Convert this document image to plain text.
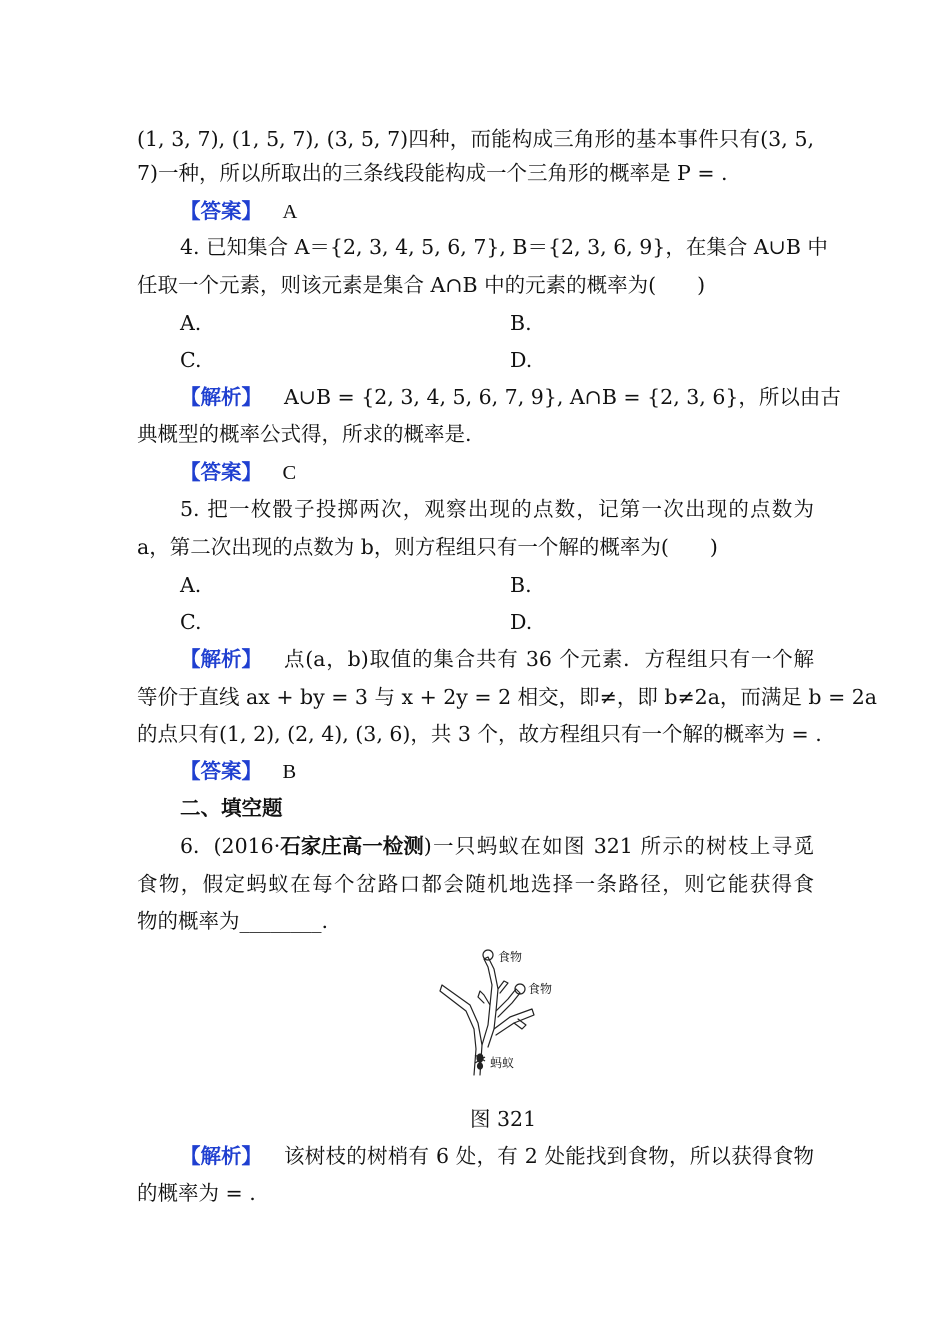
(1, 3, 7), (1, 5, 7), (3, 5, 7)四种，而能构成三角形的基本事件只有(3, 5,
7)一种，所以所取出的三条线段能构成一个三角形的概率是 P = .
【答案】 A
4. 已知集合 A＝{2, 3, 4, 5, 6, 7}, B＝{2, 3, 6, 9}，在集合 A∪B 中
任取一个元素，则该元素是集合 A∩B 中的元素的概率为(　　)
A.	B.
C.	D.
【解析】 A∪B = {2, 3, 4, 5, 6, 7, 9}, A∩B = {2, 3, 6}，所以由古
典概型的概率公式得，所求的概率是.
【答案】 C
5. 把一枚骰子投掷两次，观察出现的点数，记第一次出现的点数为
a，第二次出现的点数为 b，则方程组只有一个解的概率为(　　)
A.	B.
C.	D.
【解析】 点(a，b)取值的集合共有 36 个元素．方程组只有一个解
等价于直线 ax + by = 3 与 x + 2y = 2 相交，即≠，即 b≠2a，而满足 b = 2a
的点只有(1, 2), (2, 4), (3, 6)，共 3 个，故方程组只有一个解的概率为 = .
【答案】 B
二、填空题
6．(2016· 石家庄高一检测 )一只蚂蚁在如图 321 所示的树枝上寻觅
食物，假定蚂蚁在每个岔路口都会随机地选择一条路径，则它能获得食
物的概率为________.
食物
食物
蚂蚁
图 321
【解析】 该树枝的树梢有 6 处，有 2 处能找到食物，所以获得食物
的概率为 = .
